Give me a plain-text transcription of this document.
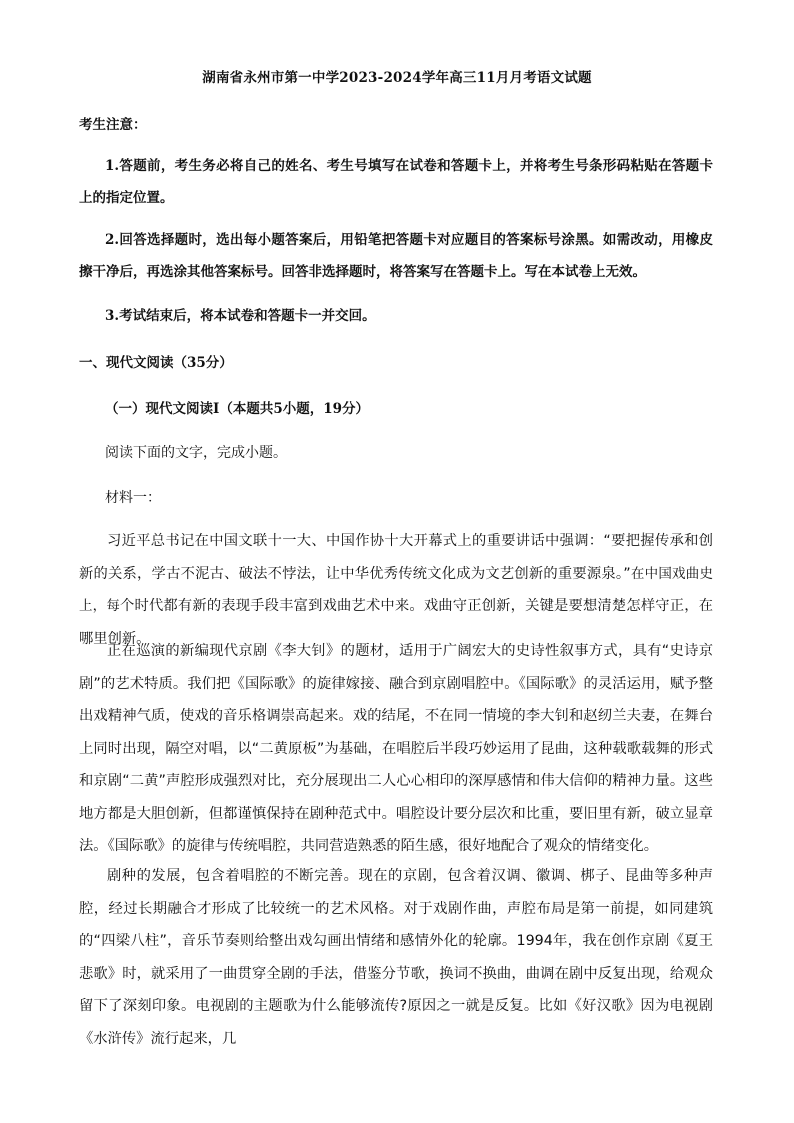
湖南省永州市第一中学2023-2024学年高三11月月考语文试题
考生注意：
1.答题前，考生务必将自己的姓名、考生号填写在试卷和答题卡上，并将考生号条形码粘贴在答题卡上的指定位置。
2.回答选择题时，选出每小题答案后，用铅笔把答题卡对应题目的答案标号涂黑。如需改动，用橡皮擦干净后，再选涂其他答案标号。回答非选择题时，将答案写在答题卡上。写在本试卷上无效。
3.考试结束后，将本试卷和答题卡一并交回。
一、现代文阅读（35分）
（一）现代文阅读Ⅰ（本题共5小题，19分）
阅读下面的文字，完成小题。
材料一：
习近平总书记在中国文联十一大、中国作协十大开幕式上的重要讲话中强调：“要把握传承和创新的关系，学古不泥古、破法不悖法，让中华优秀传统文化成为文艺创新的重要源泉。”在中国戏曲史上，每个时代都有新的表现手段丰富到戏曲艺术中来。戏曲守正创新，关键是要想清楚怎样守正，在哪里创新。
正在巡演的新编现代京剧《李大钊》的题材，适用于广阔宏大的史诗性叙事方式，具有“史诗京剧”的艺术特质。我们把《国际歌》的旋律嫁接、融合到京剧唱腔中。《国际歌》的灵活运用，赋予整出戏精神气质，使戏的音乐格调崇高起来。戏的结尾，不在同一情境的李大钊和赵纫兰夫妻，在舞台上同时出现，隔空对唱，以“二黄原板”为基础，在唱腔后半段巧妙运用了昆曲，这种载歌载舞的形式和京剧“二黄”声腔形成强烈对比，充分展现出二人心心相印的深厚感情和伟大信仰的精神力量。这些地方都是大胆创新，但都谨慎保持在剧种范式中。唱腔设计要分层次和比重，要旧里有新，破立显章法。《国际歌》的旋律与传统唱腔，共同营造熟悉的陌生感，很好地配合了观众的情绪变化。
剧种的发展，包含着唱腔的不断完善。现在的京剧，包含着汉调、徽调、梆子、昆曲等多种声腔，经过长期融合才形成了比较统一的艺术风格。对于戏剧作曲，声腔布局是第一前提，如同建筑的“四梁八柱”，音乐节奏则给整出戏勾画出情绪和感情外化的轮廓。1994年，我在创作京剧《夏王悲歌》时，就采用了一曲贯穿全剧的手法，借鉴分节歌，换词不换曲，曲调在剧中反复出现，给观众留下了深刻印象。电视剧的主题歌为什么能够流传?原因之一就是反复。比如《好汉歌》因为电视剧《水浒传》流行起来，几
